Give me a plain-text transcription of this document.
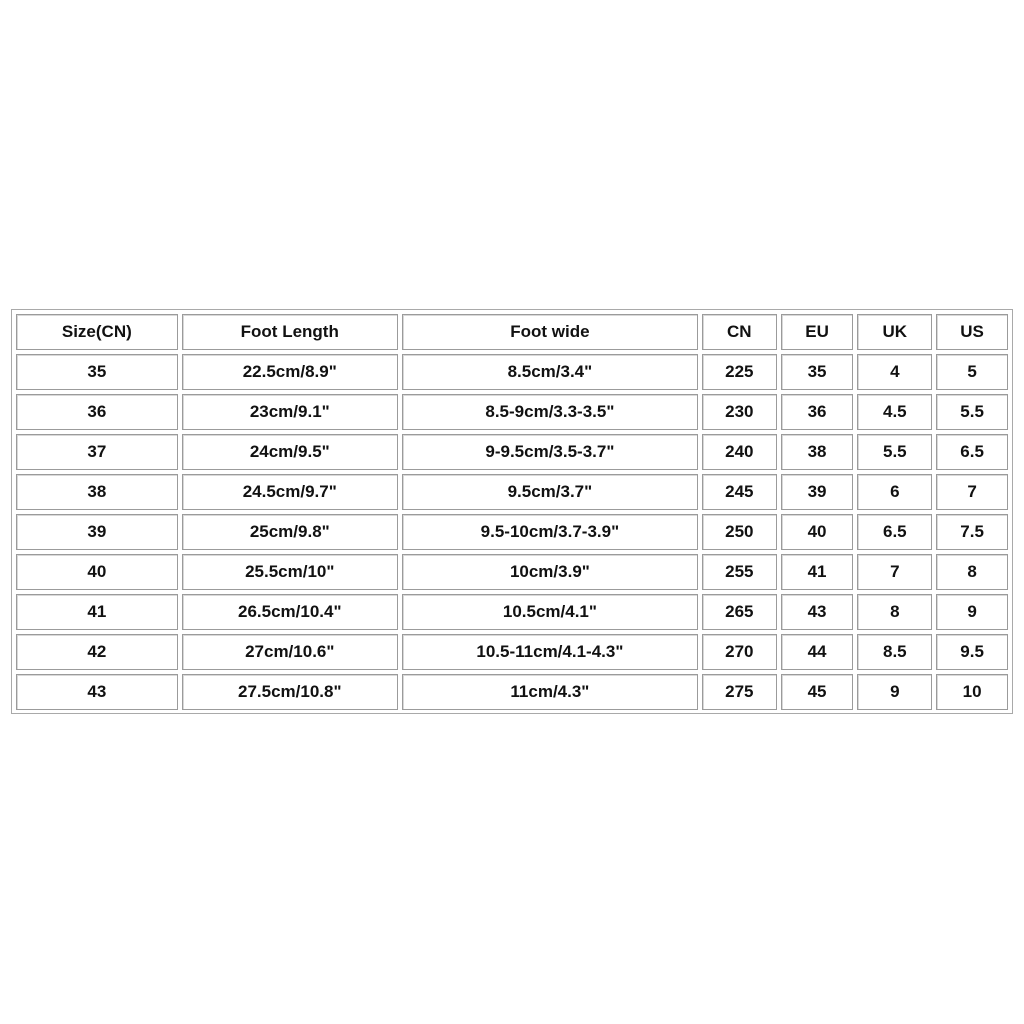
Size(CN)	Foot Length	Foot wide	CN	EU	UK	US
35	22.5cm/8.9"	8.5cm/3.4"	225	35	4	5
36	23cm/9.1"	8.5-9cm/3.3-3.5"	230	36	4.5	5.5
37	24cm/9.5"	9-9.5cm/3.5-3.7"	240	38	5.5	6.5
38	24.5cm/9.7"	9.5cm/3.7"	245	39	6	7
39	25cm/9.8"	9.5-10cm/3.7-3.9"	250	40	6.5	7.5
40	25.5cm/10"	10cm/3.9"	255	41	7	8
41	26.5cm/10.4"	10.5cm/4.1"	265	43	8	9
42	27cm/10.6"	10.5-11cm/4.1-4.3"	270	44	8.5	9.5
43	27.5cm/10.8"	11cm/4.3"	275	45	9	10
